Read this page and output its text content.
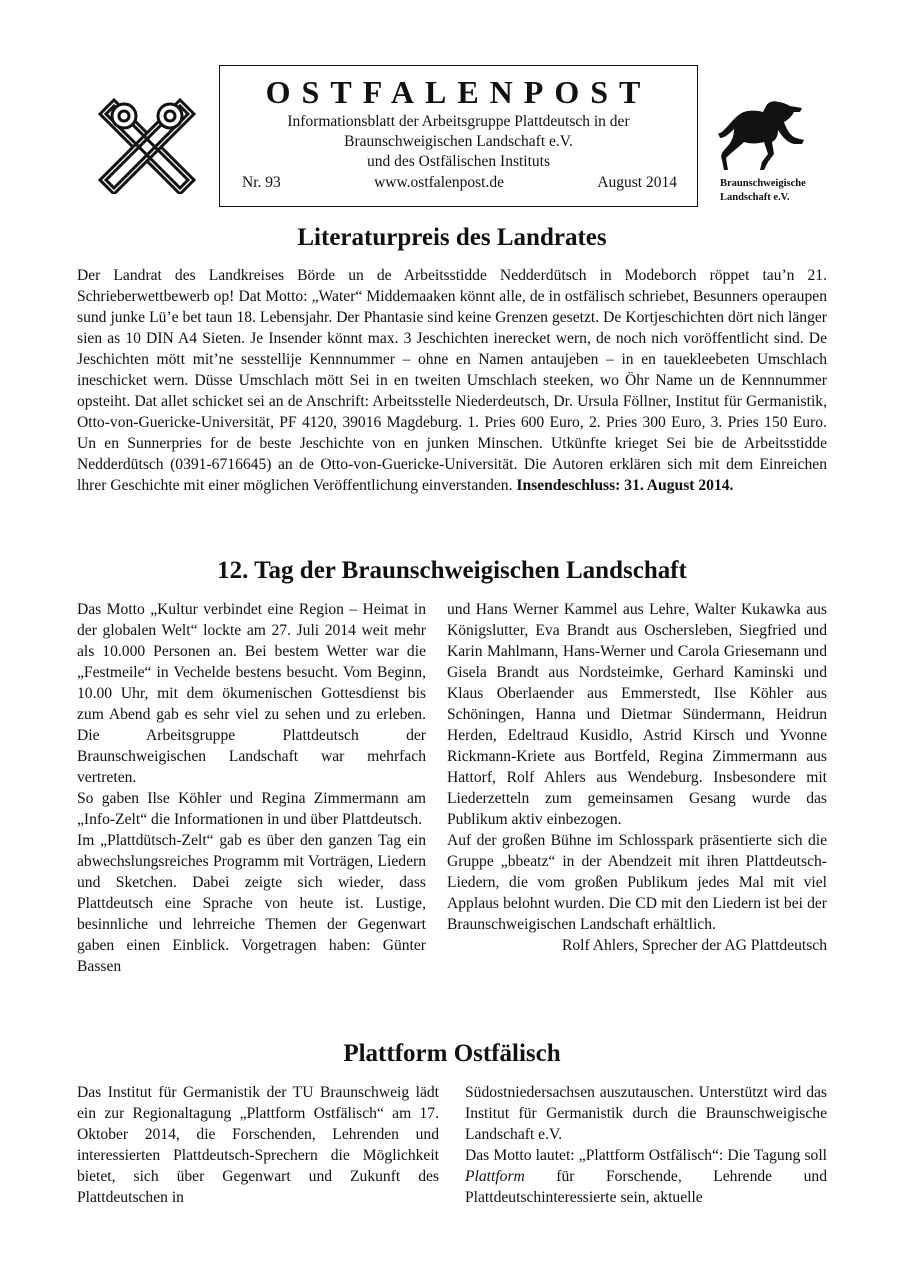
OSTFALENPOST
Informationsblatt der Arbeitsgruppe Plattdeutsch in der
Braunschweigischen Landschaft e.V.
und des Ostfälischen Instituts
Nr. 93	www.ostfalenpost.de	August 2014	Braunschweigische
Landschaft e.V.
Literaturpreis des Landrates

Der Landrat des Landkreises Börde un de Arbeitsstidde Nedderdütsch in Modeborch röppet tau’n 21. Schrieberwettbewerb op! Dat Motto: „Water“ Middemaaken könnt alle, de in ostfälisch schriebet, Besunners operaupen sund junke Lü’e bet taun 18. Lebensjahr. Der Phantasie sind keine Grenzen gesetzt. De Kortjeschichten dört nich länger sien as 10 DIN A4 Sieten. Je Insender könnt max. 3 Jeschichten inerecket wern, de noch nich voröffentlicht sind. De Jeschichten mött mit’ne sesstellije Kennnummer – ohne en Namen antaujeben – in en tauekleebeten Umschlach ineschicket wern. Düsse Umschlach mött Sei in en tweiten Umschlach steeken, wo Öhr Name un de Kennnummer opsteiht. Dat allet schicket sei an de Anschrift: Arbeitsstelle Niederdeutsch, Dr. Ursula Föllner, Institut für Germanistik, Otto-von-Guericke-Universität, PF 4120, 39016 Magdeburg. 1. Pries 600 Euro, 2. Pries 300 Euro, 3. Pries 150 Euro. Un en Sunnerpries for de beste Jeschichte von en junken Minschen. Utkünfte krieget Sei bie de Arbeitsstidde Nedderdütsch (0391-6716645) an de Otto-von-Guericke-Universität. Die Autoren erklären sich mit dem Einreichen lhrer Geschichte mit einer möglichen Veröffentlichung einverstanden. Insendeschluss: 31. August 2014.

12. Tag der Braunschweigischen Landschaft

Das Motto „Kultur verbindet eine Region – Heimat in der globalen Welt“ lockte am 27. Juli 2014 weit mehr als 10.000 Personen an. Bei bestem Wetter war die „Festmeile“ in Vechelde bestens besucht. Vom Beginn, 10.00 Uhr, mit dem ökumenischen Gottesdienst bis zum Abend gab es sehr viel zu sehen und zu erleben. Die Arbeitsgruppe Plattdeutsch der Braunschweigischen Landschaft war mehrfach vertreten.

So gaben Ilse Köhler und Regina Zimmermann am „Info-Zelt“ die Informationen in und über Plattdeutsch.

Im „Plattdütsch-Zelt“ gab es über den ganzen Tag ein abwechslungsreiches Programm mit Vorträgen, Liedern und Sketchen. Dabei zeigte sich wieder, dass Plattdeutsch eine Sprache von heute ist. Lustige, besinnliche und lehrreiche Themen der Gegenwart gaben einen Einblick. Vorgetragen haben: Günter Bassen

und Hans Werner Kammel aus Lehre, Walter Kukawka aus Königslutter, Eva Brandt aus Oschersleben, Siegfried und Karin Mahlmann, Hans-Werner und Carola Griesemann und Gisela Brandt aus Nordsteimke, Gerhard Kaminski und Klaus Oberlaender aus Emmerstedt, Ilse Köhler aus Schöningen, Hanna und Dietmar Sündermann, Heidrun Herden, Edeltraud Kusidlo, Astrid Kirsch und Yvonne Rickmann-Kriete aus Bortfeld, Regina Zimmermann aus Hattorf, Rolf Ahlers aus Wendeburg. Insbesondere mit Liederzetteln zum gemeinsamen Gesang wurde das Publikum aktiv einbezogen.

Auf der großen Bühne im Schlosspark präsentierte sich die Gruppe „bbeatz“ in der Abendzeit mit ihren Plattdeutsch-Liedern, die vom großen Publikum jedes Mal mit viel Applaus belohnt wurden. Die CD mit den Liedern ist bei der Braunschweigischen Landschaft erhältlich.

Rolf Ahlers, Sprecher der AG Plattdeutsch

Plattform Ostfälisch

Das Institut für Germanistik der TU Braunschweig lädt ein zur Regionaltagung „Plattform Ostfälisch“ am 17. Oktober 2014, die Forschenden, Lehrenden und interessierten Plattdeutsch-Sprechern die Möglichkeit bietet, sich über Gegenwart und Zukunft des Plattdeutschen in

Südostniedersachsen auszutauschen. Unterstützt wird das Institut für Germanistik durch die Braunschweigische Landschaft e.V.

Das Motto lautet: „Plattform Ostfälisch“: Die Tagung soll Plattform für Forschende, Lehrende und Plattdeutschinteressierte sein, aktuelle
